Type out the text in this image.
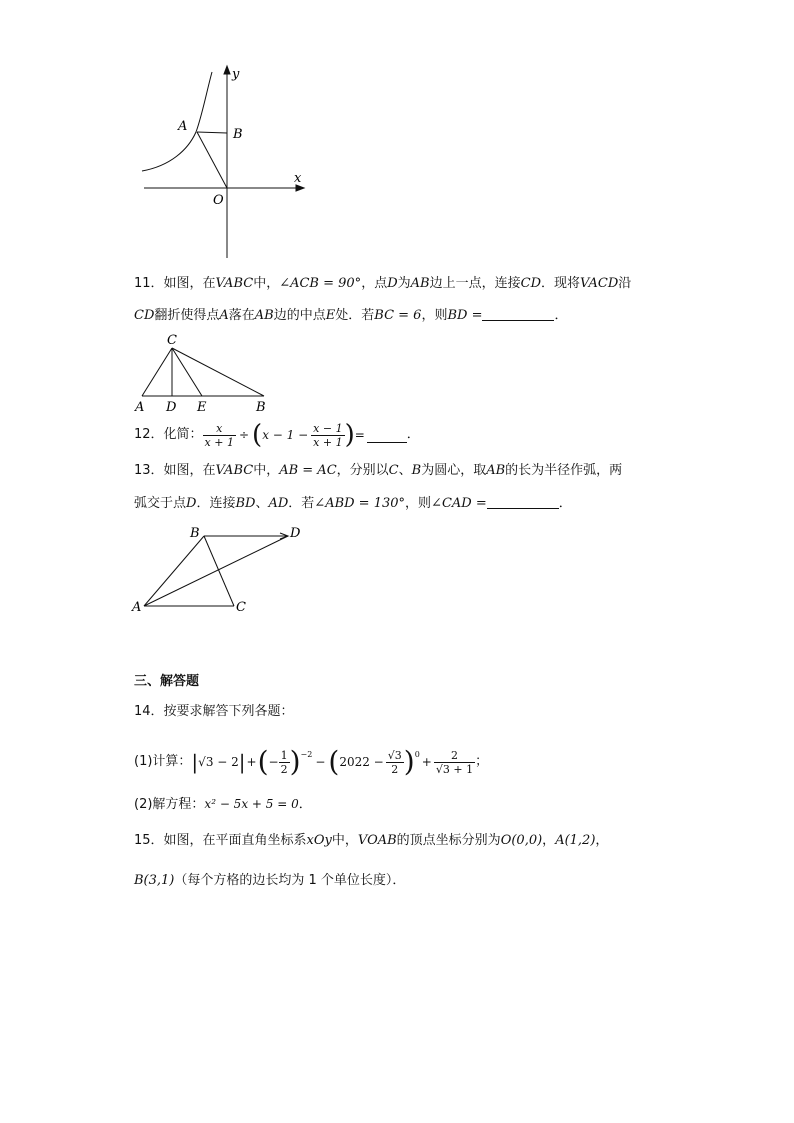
y
x
A
B
O
11．如图，在VABC中，∠ACB = 90°，点D为AB边上一点，连接CD．现将VACD沿
CD翻折使得点A落在AB边的中点E处．若BC = 6，则BD =	．
C
A D E	B
12．化简： $\frac{x}{x + 1}$ ÷ ( $x - 1 - \frac{x - 1}{x + 1}$ ) =	．
13．如图，在VABC中，AB = AC，分别以C、B为圆心，取AB的长为半径作弧，两
弧交于点D．连接BD、AD．若∠ABD = 130°，则∠CAD =	．
B	D
A	C
三、解答题
14．按要求解答下列各题：
(1)计算： | √3 − 2 | + ( − $\frac{1}{2}$ ) −2
− ( $2022 - \frac{√3}{2}$ ) 0
+ $\frac{2}{√3 + 1}$ ；
(2)解方程：x² − 5x + 5 = 0．
15．如图，在平面直角坐标系xOy中，VOAB的顶点坐标分别为O(0,0)，A(1,2)，
B(3,1)（每个方格的边长均为 1 个单位长度）．
